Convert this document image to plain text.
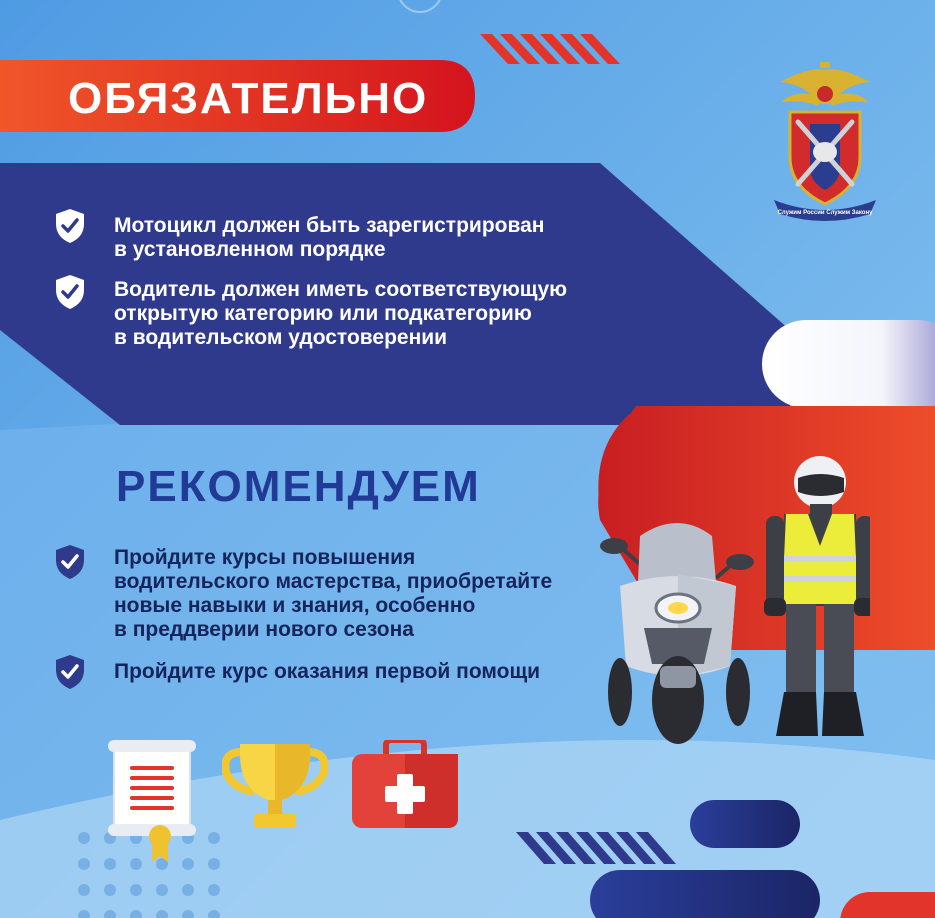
ОБЯЗАТЕЛЬНО
Мотоцикл должен быть зарегистрирован
в установленном порядке
Водитель должен иметь соответствующую
открытую категорию или подкатегорию
в водительском удостоверении
Служим России Служим Закону
РЕКОМЕНДУЕМ
Пройдите курсы повышения
водительского мастерства, приобретайте
новые навыки и знания, особенно
в преддверии нового сезона
Пройдите курс оказания первой помощи
